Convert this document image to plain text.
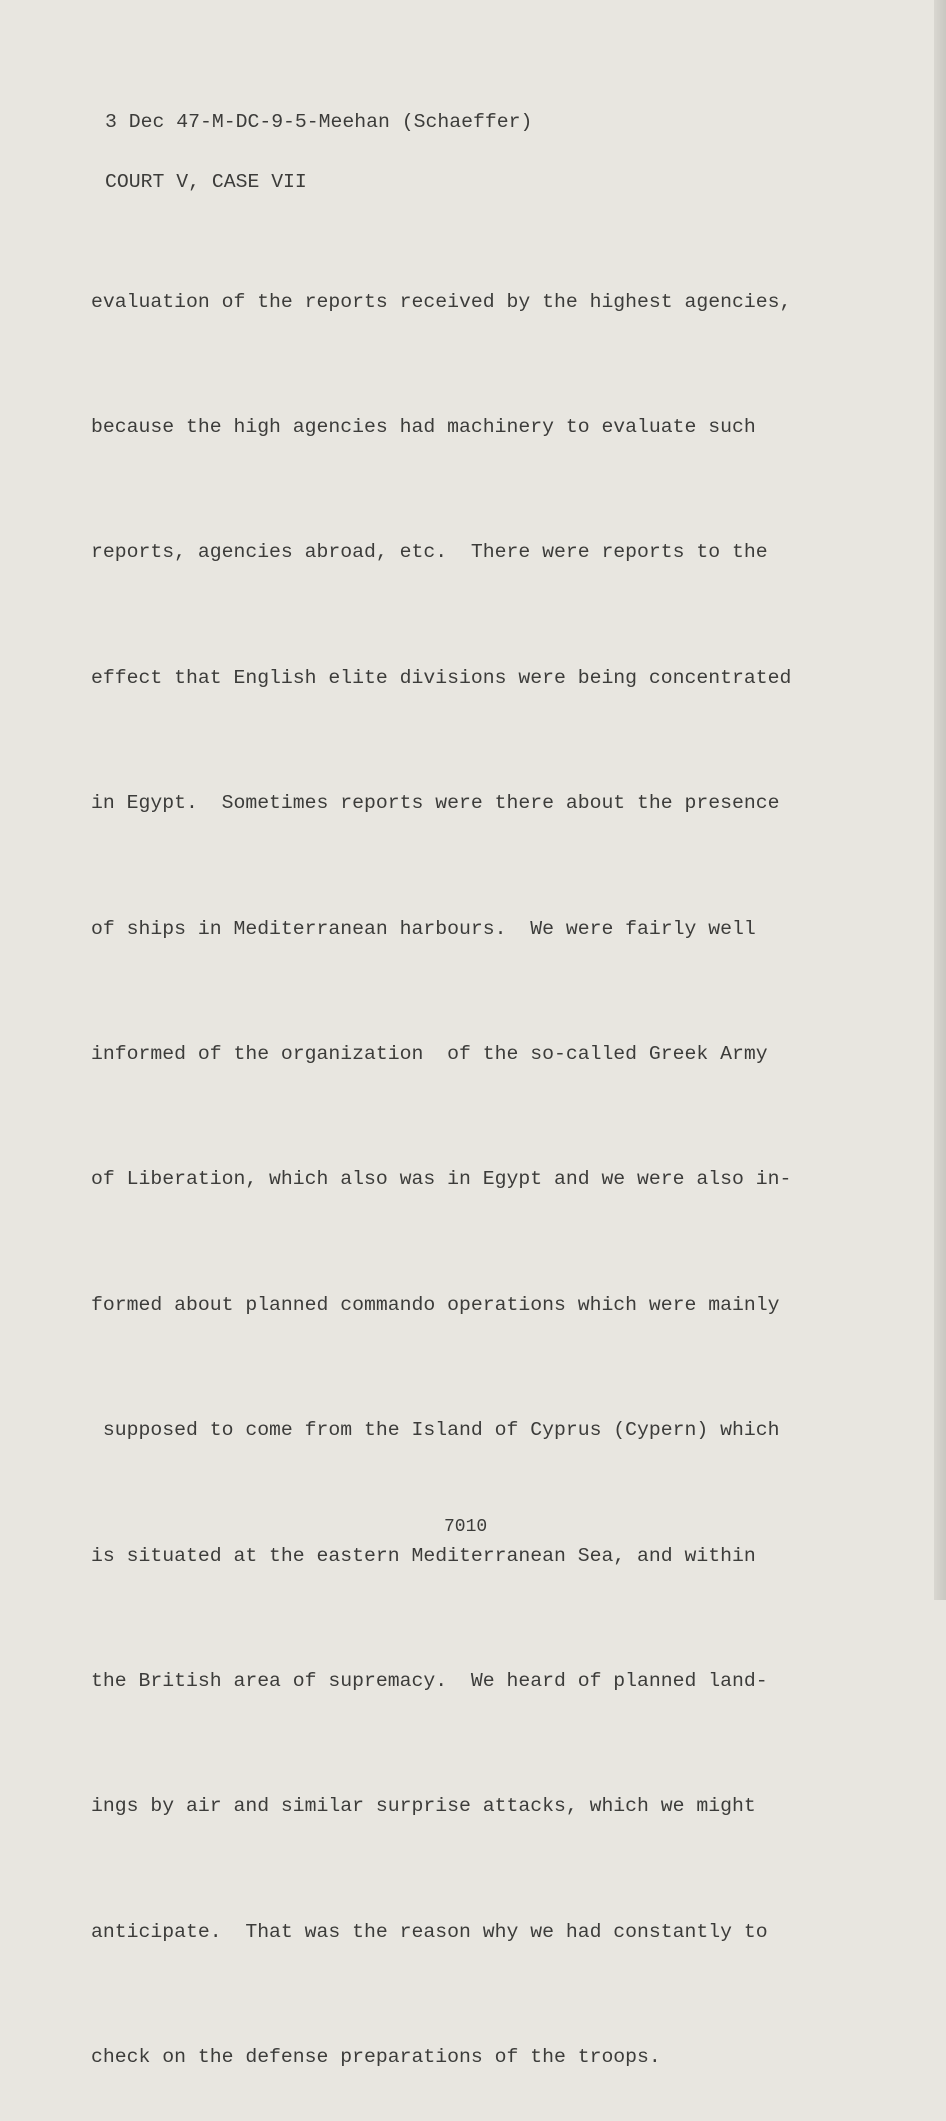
3 Dec 47-M-DC-9-5-Meehan (Schaeffer)

COURT V, CASE VII

evaluation of the reports received by the highest agencies,

because the high agencies had machinery to evaluate such

reports, agencies abroad, etc.  There were reports to the

effect that English elite divisions were being concentrated

in Egypt.  Sometimes reports were there about the presence

of ships in Mediterranean harbours.  We were fairly well

informed of the organization  of the so-called Greek Army

of Liberation, which also was in Egypt and we were also in-

formed about planned commando operations which were mainly

supposed to come from the Island of Cyprus (Cypern) which

is situated at the eastern Mediterranean Sea, and within

the British area of supremacy.  We heard of planned land-

ings by air and similar surprise attacks, which we might

anticipate.  That was the reason why we had constantly to

check on the defense preparations of the troops.

7010
